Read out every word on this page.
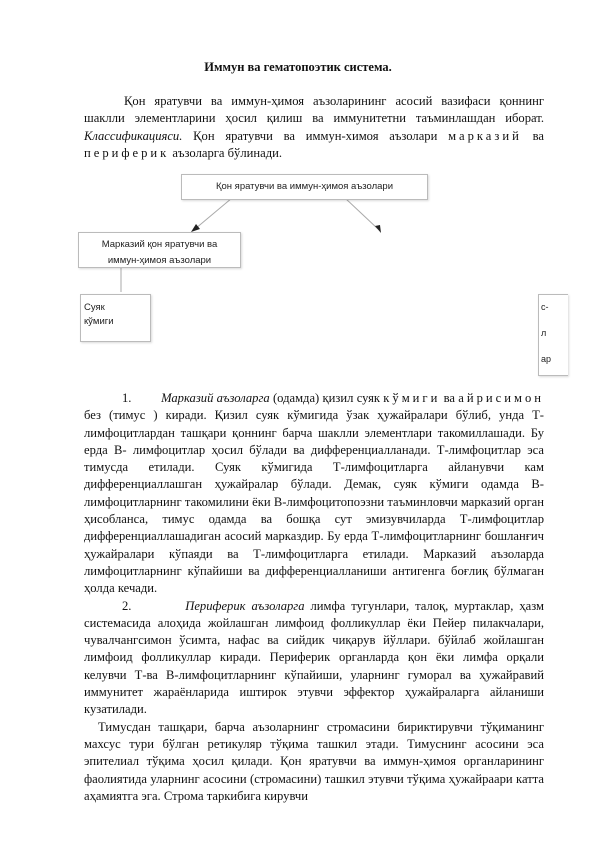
Иммун ва гематопоэтик система.

Қон яратувчи ва иммун-ҳимоя аъзоларининг асосий вазифаси қоннинг шаклли элементларини ҳосил қилиш ва иммунитетни таъминлашдан иборат. Классификацияси. Қон яратувчи ва иммун-химоя аъзолари марказий ва периферик аъзоларга бўлинади.

Қон яратувчи ва иммун-ҳимоя аъзолари
Марказий қон яратувчи ва
иммун-ҳимоя аъзолари
Суяк
кўмиги
с-

л

ар

1. Марказий аъзоларга (одамда) қизил суяк кўмиги ва айрисимон без (тимус ) киради. Қизил суяк кўмигида ўзак ҳужайралари бўлиб, унда Т-лимфоцитлардан ташқари қоннинг барча шаклли элементлари такомиллашади. Бу ерда В- лимфоцитлар ҳосил бўлади ва дифференциалланади. Т-лимфоцитлар эса тимусда етилади. Суяк кўмигида Т-лимфоцитларга айланувчи кам дифференциаллашган ҳужайралар бўлади. Демак, суяк кўмиги одамда В-лимфоцитларнинг такомилини ёки В-лимфоцитопоэзни таъминловчи марказий орган ҳисобланса, тимус одамда ва бошқа сут эмизувчиларда Т-лимфоцитлар дифференциаллашадиган асосий марказдир. Бу ерда Т-лимфоцитларнинг бошланғич ҳужайралари кўпаяди ва Т-лимфоцитларга етилади. Марказий аъзоларда лимфоцитларнинг кўпайиши ва дифференциалланиши антигенга боғлиқ бўлмаган ҳолда кечади.

2.	Периферик аъзоларга лимфа тугунлари, талоқ, муртаклар, ҳазм системасида алоҳида жойлашган лимфоид фолликуллар ёки Пейер пилакчалари, чувалчангсимон ўсимта, нафас ва сийдик чиқарув йўллари. бўйлаб жойлашган лимфоид фолликуллар киради. Периферик органларда қон ёки лимфа орқали келувчи Т-ва В-лимфоцитларнинг кўпайиши, уларнинг гуморал ва ҳужайравий иммунитет жараёнларида иштирок этувчи эффектор ҳужайраларга айланиши кузатилади.

Тимусдан ташқари, барча аъзоларнинг стромасини бириктирувчи тўқиманинг махсус тури бўлган ретикуляр тўқима ташкил этади. Тимуснинг асосини эса эпителиал тўқима ҳосил қилади. Қон яратувчи ва иммун-ҳимоя органларининг фаолиятида уларнинг асосини (стромасини) ташкил этувчи тўқима ҳужайраари катта аҳамиятга эга. Строма таркибига кирувчи
